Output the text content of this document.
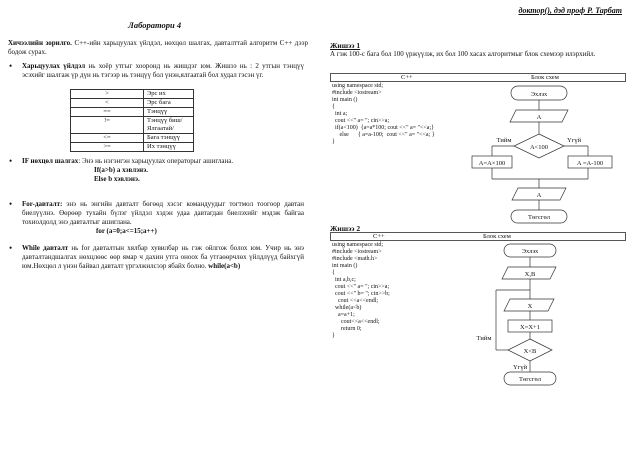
доктор(), дэд проф Р. Тарбат
Лаборатори 4
Хичээлийн зорилго. C++-ийн харьцуулах үйлдэл, нөхцөл шалгах, давталттай алгоритм C++ дээр бодож сурах.
• Харьцуулах үйлдэл нь хоёр утгыг хооронд нь жишдэг юм. Жишээ нь : 2 утгын тэнцүү эсэхийг шалгаж үр дүн нь тэгээр нь тэнцүү бол үнэн,ялгаатай бол худал гэсэн үг.
>	Эрс их
<	Эрс бага
==	Тэнцүү
!=	Тэнцүү биш/Ялгаатай/
<=	Бага тэнцүү
>=	Их тэнцүү
• IF нөхцөл шалгах: Энэ нь нэгэнгэн харьцуулах операторыг ашиглана.
If(a>b) a хэвлэнэ.
Else b хэвлэнэ.
• For-давталт: энэ нь энгийн давталт бөгөөд хэсэг командуудыг тогтмол тоогоор давтан биелүүлнэ. Өөрөөр тухайн бүлэг үйлдэл хэдэн удаа давтагдан биелэхийг мэдэж байгаа тохиолдолд энэ давталтыг ашиглана.
for (a=0;a<=15;a++)
• While давталт нь for давталтын хялбар хувилбар нь гэж ойлгож болох юм. Учир нь энэ давталтандшалгах нөхцлөөс өөр ямар ч дахин утга оноох ба утгаөөрчлөх үйлдлүүд байхгүй юм.Нөхцөл л үнэн байвал давталт үргэлжилсээр ябайх болно. while(a<b)
Жишээ 1
А гэж 100-с бага бол 100 үржүүлж, их бол 100 хасах алгоритмыг блок схемээр илэрхийл.
C++	Блок схем
using namespace std;
#include <iostream>
int main ()
{
int a;
cout <<" a= "; cin>>a;
if(a<100)  {a=a*100; cout <<" a= "<<a;}
else      { a=a-100;  cout <<" a= "<<a; }
}
Эхлэх
A
A<100
Тийм	Үгүй
A=A×100	A =A-100
A
Төгсгөл
Жишээ 2
C++	Блок схем
using namespace std;
#include <iostream>
#include <math.h>
int main ()
{
int a,b,c;
cout <<" a= "; cin>>a;
cout <<" b= "; cin>>b;
cout <<a<<endl;
while(a<b)
a=a+1;
cout<<a<<endl;
return 0;
}
Эхлэх
X,B
X
X=X+1
X<B
Тийм
Үгүй
Төгсгөл
